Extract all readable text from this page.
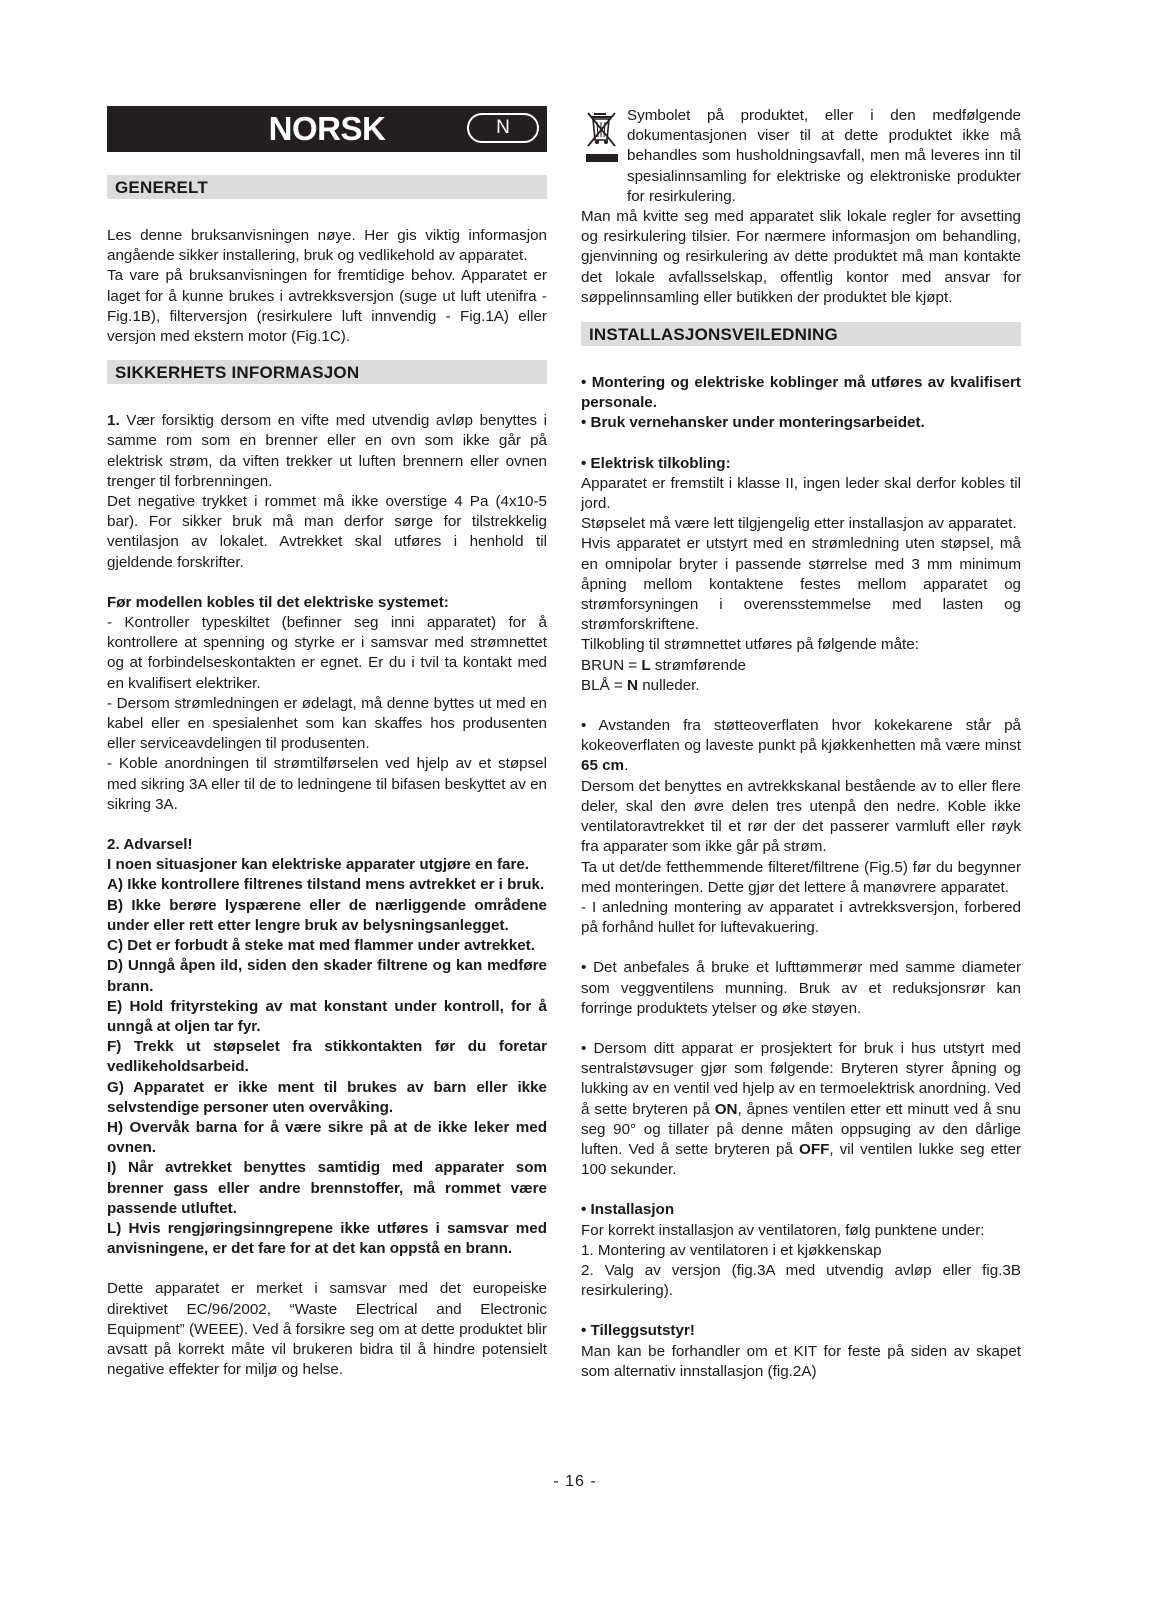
NORSK	N
GENERELT

Les denne bruksanvisningen nøye. Her gis viktig informasjon angående sikker installering, bruk og vedlikehold av apparatet.

Ta vare på bruksanvisningen for fremtidige behov. Apparatet er laget for å kunne brukes i avtrekksversjon (suge ut luft utenifra - Fig.1B), filterversjon (resirkulere luft innvendig - Fig.1A) eller versjon med ekstern motor (Fig.1C).

SIKKERHETS INFORMASJON

1. Vær forsiktig dersom en vifte med utvendig avløp benyttes i samme rom som en brenner eller en ovn som ikke går på elektrisk strøm, da viften trekker ut luften brennern eller ovnen trenger til forbrenningen.

Det negative trykket i rommet må ikke overstige 4 Pa (4x10-5 bar). For sikker bruk må man derfor sørge for tilstrekkelig ventilasjon av lokalet. Avtrekket skal utføres i henhold til gjeldende forskrifter.

Før modellen kobles til det elektriske systemet:

- Kontroller typeskiltet (befinner seg inni apparatet) for å kontrollere at spenning og styrke er i samsvar med strømnettet og at forbindelseskontakten er egnet. Er du i tvil ta kontakt med en kvalifisert elektriker.

- Dersom strømledningen er ødelagt, må denne byttes ut med en kabel eller en spesialenhet som kan skaffes hos produsenten eller serviceavdelingen til produsenten.

- Koble anordningen til strømtilførselen ved hjelp av et støpsel med sikring 3A eller til de to ledningene til bifasen beskyttet av en sikring 3A.

2. Advarsel!

I noen situasjoner kan elektriske apparater utgjøre en fare.

A) Ikke kontrollere filtrenes tilstand mens avtrekket er i bruk.

B) Ikke berøre lyspærene eller de nærliggende områdene under eller rett etter lengre bruk av belysningsanlegget.

C) Det er forbudt å steke mat med flammer under avtrekket.

D) Unngå åpen ild, siden den skader filtrene og kan medføre brann.

E) Hold frityrsteking av mat konstant under kontroll, for å unngå at oljen tar fyr.

F) Trekk ut støpselet fra stikkontakten før du foretar vedlikeholdsarbeid.

G) Apparatet er ikke ment til brukes av barn eller ikke selvstendige personer uten overvåking.

H) Overvåk barna for å være sikre på at de ikke leker med ovnen.

I) Når avtrekket benyttes samtidig med apparater som brenner gass eller andre brennstoffer, må rommet være passende utluftet.

L) Hvis rengjøringsinngrepene ikke utføres i samsvar med anvisningene, er det fare for at det kan oppstå en brann.

Dette apparatet er merket i samsvar med det europeiske direktivet EC/96/2002, “Waste Electrical and Electronic Equipment” (WEEE). Ved å forsikre seg om at dette produktet blir avsatt på korrekt måte vil brukeren bidra til å hindre potensielt negative effekter for miljø og helse.

Symbolet på produktet, eller i den medfølgende dokumentasjonen viser til at dette produktet ikke må behandles som husholdningsavfall, men må leveres inn til spesialinnsamling for elektriske og elektroniske produkter for resirkulering.

Man må kvitte seg med apparatet slik lokale regler for avsetting og resirkulering tilsier. For nærmere informasjon om behandling, gjenvinning og resirkulering av dette produktet må man kontakte det lokale avfallsselskap, offentlig kontor med ansvar for søppelinnsamling eller butikken der produktet ble kjøpt.

INSTALLASJONSVEILEDNING

• Montering og elektriske koblinger må utføres av kvalifisert personale.

• Bruk vernehansker under monteringsarbeidet.

• Elektrisk tilkobling:

Apparatet er fremstilt i klasse II, ingen leder skal derfor kobles til jord.

Støpselet må være lett tilgjengelig etter installasjon av apparatet.

Hvis apparatet er utstyrt med en strømledning uten støpsel, må en omnipolar bryter i passende størrelse med 3 mm minimum åpning mellom kontaktene festes mellom apparatet og strømforsyningen i overensstemmelse med lasten og strømforskriftene.

Tilkobling til strømnettet utføres på følgende måte:

BRUN = L strømførende

BLÅ = N nulleder.

• Avstanden fra støtteoverflaten hvor kokekarene står på kokeoverflaten og laveste punkt på kjøkkenhetten må være minst 65 cm.

Dersom det benyttes en avtrekkskanal bestående av to eller flere deler, skal den øvre delen tres utenpå den nedre. Koble ikke ventilatoravtrekket til et rør der det passerer varmluft eller røyk fra apparater som ikke går på strøm.

Ta ut det/de fetthemmende filteret/filtrene (Fig.5) før du begynner med monteringen. Dette gjør det lettere å manøvrere apparatet.

- I anledning montering av apparatet i avtrekksversjon, forbered på forhånd hullet for luftevakuering.

• Det anbefales å bruke et lufttømmerør med samme diameter som veggventilens munning. Bruk av et reduksjonsrør kan forringe produktets ytelser og øke støyen.

• Dersom ditt apparat er prosjektert for bruk i hus utstyrt med sentralstøvsuger gjør som følgende: Bryteren styrer åpning og lukking av en ventil ved hjelp av en termoelektrisk anordning. Ved å sette bryteren på ON, åpnes ventilen etter ett minutt ved å snu seg 90° og tillater på denne måten oppsuging av den dårlige luften. Ved å sette bryteren på OFF, vil ventilen lukke seg etter 100 sekunder.

• Installasjon

For korrekt installasjon av ventilatoren, følg punktene under:

1. Montering av ventilatoren i et kjøkkenskap

2. Valg av versjon (fig.3A med utvendig avløp eller fig.3B resirkulering).

• Tilleggsutstyr!

Man kan be forhandler om et KIT for feste på siden av skapet som alternativ innstallasjon (fig.2A)

- 16 -
